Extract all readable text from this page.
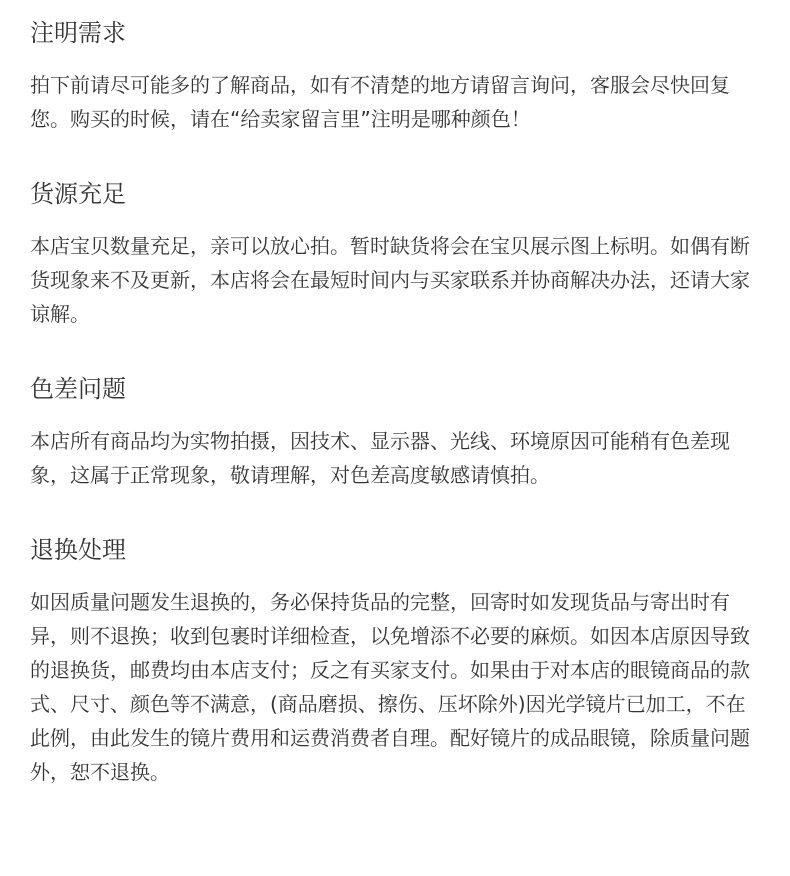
注明需求

拍下前请尽可能多的了解商品，如有不清楚的地方请留言询问，客服会尽快回复您。购买的时候，请在“给卖家留言里”注明是哪种颜色！

货源充足

本店宝贝数量充足，亲可以放心拍。暂时缺货将会在宝贝展示图上标明。如偶有断货现象来不及更新，本店将会在最短时间内与买家联系并协商解决办法，还请大家谅解。

色差问题

本店所有商品均为实物拍摄，因技术、显示器、光线、环境原因可能稍有色差现象，这属于正常现象，敬请理解，对色差高度敏感请慎拍。

退换处理

如因质量问题发生退换的，务必保持货品的完整，回寄时如发现货品与寄出时有异，则不退换；收到包裹时详细检查，以免增添不必要的麻烦。如因本店原因导致的退换货，邮费均由本店支付；反之有买家支付。如果由于对本店的眼镜商品的款式、尺寸、颜色等不满意，(商品磨损、擦伤、压坏除外)因光学镜片已加工，不在此例，由此发生的镜片费用和运费消费者自理。配好镜片的成品眼镜，除质量问题外，恕不退换。
